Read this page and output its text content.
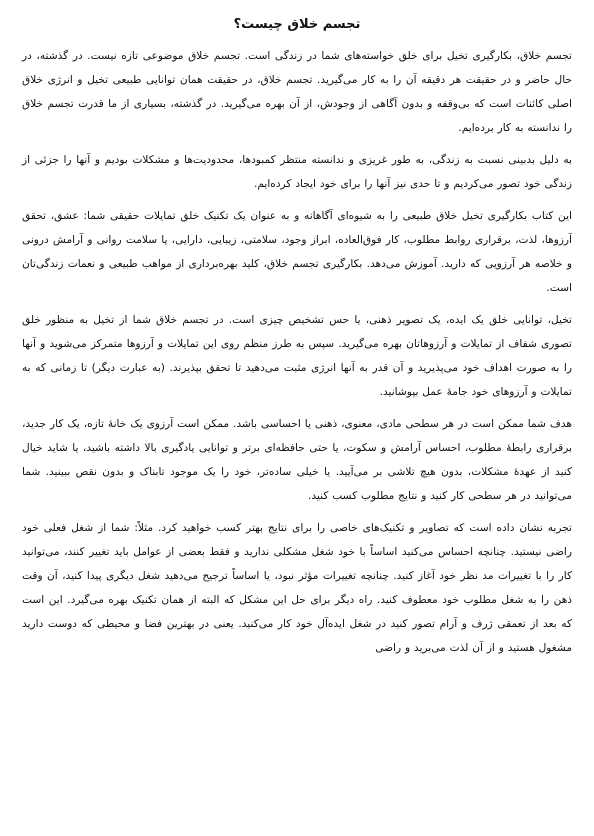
تجسم خلاق چیست؟

تجسم خلاق، بکارگیری تخیل برای خلق خواسته‌های شما در زندگی است. تجسم خلاق موضوعی تازه نیست. در گذشته، در حال حاضر و در حقیقت هر دقیقه آن را به کار می‌گیرید. تجسم خلاق، در حقیقت همان توانایی طبیعی تخیل و انرژی خلاق اصلی کائنات است که بی‌وقفه و بدون آگاهی از وجودش، از آن بهره می‌گیرید. در گذشته، بسیاری از ما قدرت تجسم خلاق را ندانسته به کار برده‌ایم.

به دلیل بدبینی نسبت به زندگی، به طور غریزی و ندانسته منتظر کمبودها، محدودیت‌ها و مشکلات بودیم و آنها را جزئی از زندگی خود تصور می‌کردیم و تا حدی نیز آنها را برای خود ایجاد کرده‌ایم.

این کتاب بکارگیری تخیل خلاق طبیعی را به شیوه‌ای آگاهانه و به عنوان یک تکنیک خلق تمایلات حقیقی شما: عشق، تحقق آرزوها، لذت، برقراری روابط مطلوب، کار فوق‌العاده، ابراز وجود، سلامتی، زیبایی، دارایی، یا سلامت روانی و آرامش درونی و خلاصه هر آرزویی که دارید. آموزش می‌دهد. بکارگیری تجسم خلاق، کلید بهره‌برداری از مواهب طبیعی و نعمات زندگی‌تان است.

تخیل، توانایی خلق یک ایده، یک تصویر ذهنی، یا حس تشخیص چیزی است. در تجسم خلاق شما از تخیل به منظور خلق تصوری شفاف از تمایلات و آرزوهاتان بهره می‌گیرید. سپس به طرز منظم روی این تمایلات و آرزوها متمرکز می‌شوید و آنها را به صورت اهداف خود می‌پذیرید و آن قدر به آنها انرژی مثبت می‌دهید تا تحقق بپذیرند. (به عبارت دیگر) تا زمانی که به تمایلات و آرزوهای خود جامهٔ عمل بپوشانید.

هدف شما ممکن است در هر سطحی مادی، معنوی، ذهنی یا احساسی باشد. ممکن است آرزوی یک خانهٔ تازه، یک کار جدید، برقراری رابطهٔ مطلوب، احساس آرامش و سکوت، یا حتی حافظه‌ای برتر و توانایی یادگیری بالا داشته باشید، یا شاید خیال کنید از عهدهٔ مشکلات، بدون هیچ تلاشی بر می‌آیید. یا خیلی ساده‌تر، خود را یک موجود تابناک و بدون نقص ببینید. شما می‌توانید در هر سطحی کار کنید و نتایج مطلوب کسب کنید.

تجربه نشان داده است که تصاویر و تکنیک‌های خاصی را برای نتایج بهتر کسب خواهید کرد. مثلاً: شما از شغل فعلی خود راضی نیستید. چنانچه احساس می‌کنید اساساً با خود شغل مشکلی ندارید و فقط بعضی از عوامل باید تغییر کنند، می‌توانید کار را با تغییرات مد نظر خود آغاز کنید. چنانچه تغییرات مؤثر نبود، یا اساساً ترجیح می‌دهید شغل دیگری پیدا کنید، آن وقت ذهن را به شغل مطلوب خود معطوف کنید. راه دیگر برای حل این مشکل که البته از همان تکنیک بهره می‌گیرد. این است که بعد از تعمقی ژرف و آرام تصور کنید در شغل ایده‌آل خود کار می‌کنید. یعنی در بهترین فضا و محیطی که دوست دارید مشغول هستید و از آن لذت می‌برید و راضی
